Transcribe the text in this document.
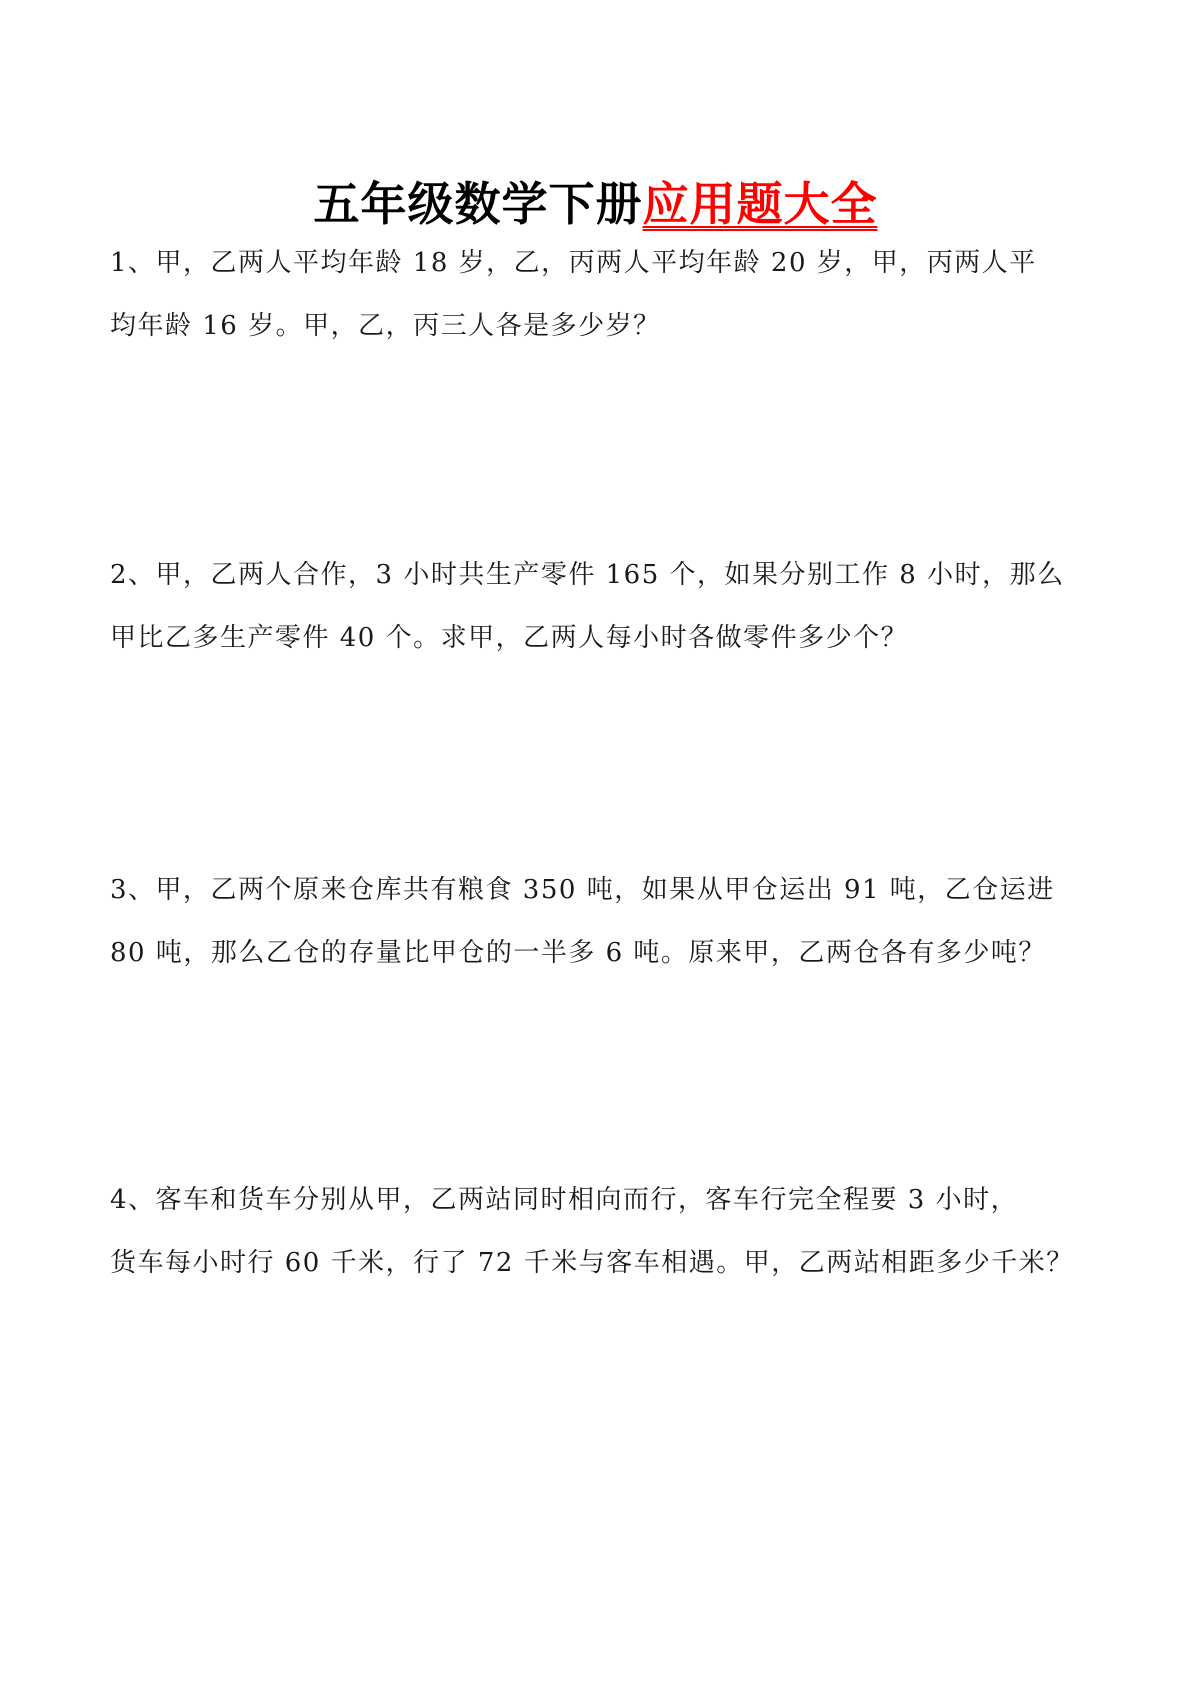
五年级数学下册应用题大全
1、甲，乙两人平均年龄 18 岁，乙，丙两人平均年龄 20 岁，甲，丙两人平
均年龄 16 岁。甲，乙，丙三人各是多少岁？
2、甲，乙两人合作，3 小时共生产零件 165 个，如果分别工作 8 小时，那么
甲比乙多生产零件 40 个。求甲，乙两人每小时各做零件多少个？
3、甲，乙两个原来仓库共有粮食 350 吨，如果从甲仓运出 91 吨，乙仓运进
80 吨，那么乙仓的存量比甲仓的一半多 6 吨。原来甲，乙两仓各有多少吨？
4、客车和货车分别从甲，乙两站同时相向而行，客车行完全程要 3 小时，
货车每小时行 60 千米，行了 72 千米与客车相遇。甲，乙两站相距多少千米？
